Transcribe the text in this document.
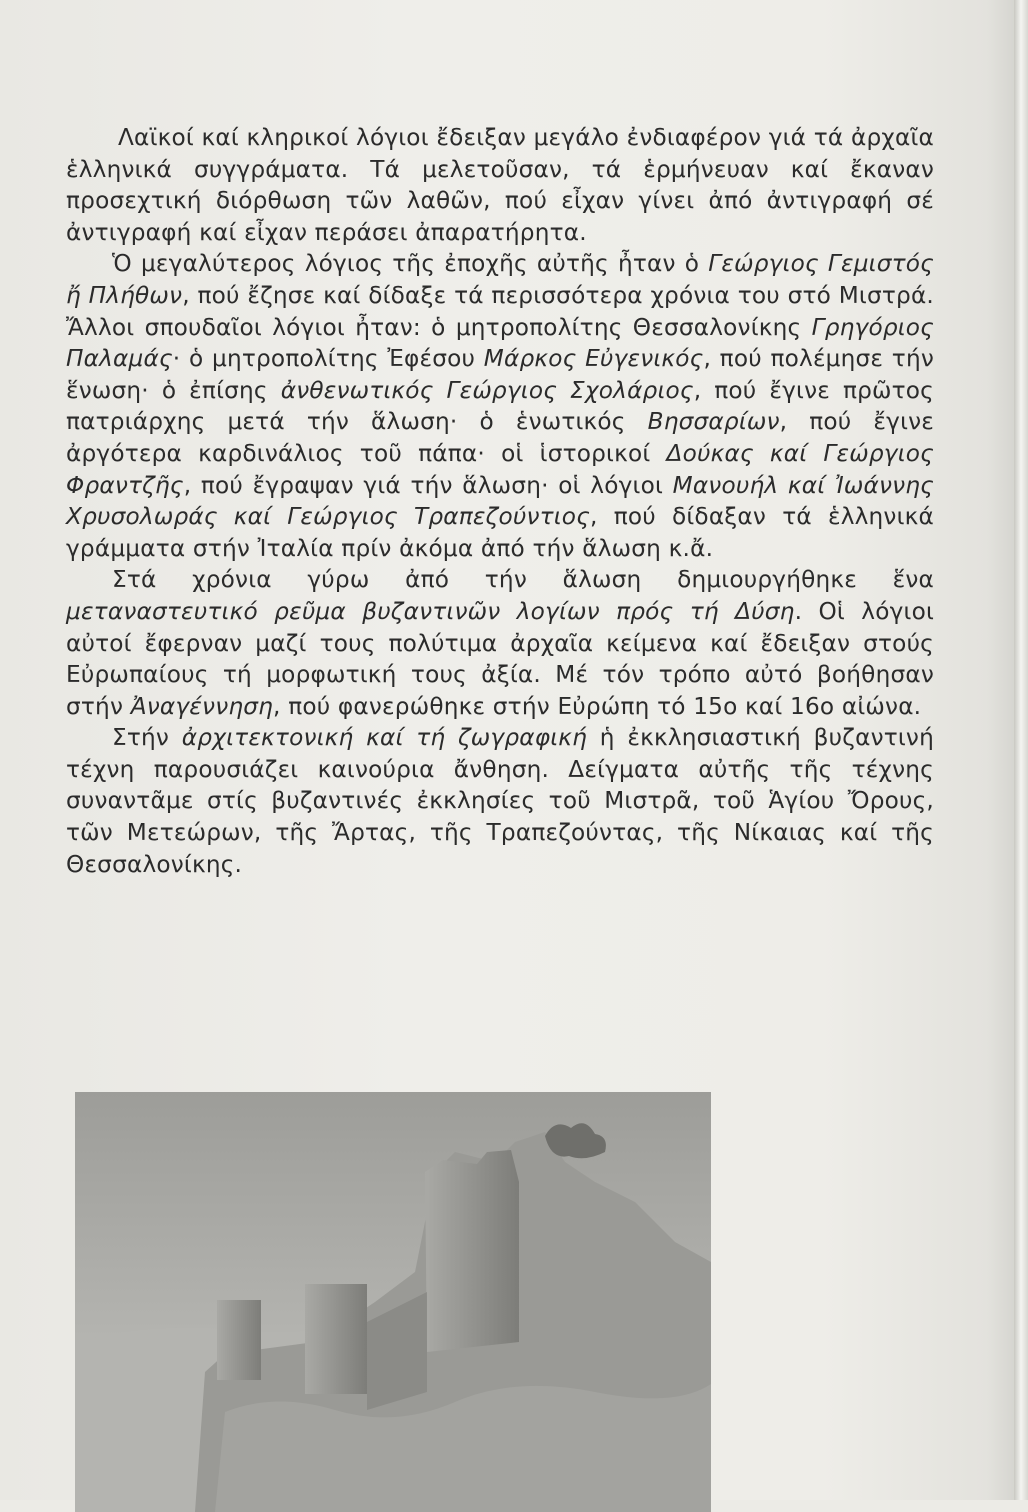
Λαϊκοί καί κληρικοί λόγιοι ἔδειξαν μεγάλο ἐνδιαφέρον γιά τά ἀρχαῖα ἑλληνικά συγγράματα. Τά μελετοῦσαν, τά ἑρμήνευαν καί ἔκαναν προσεχτική διόρθωση τῶν λαθῶν, πού εἶχαν γίνει ἀπό ἀντιγραφή σέ ἀντιγραφή καί εἶχαν περάσει ἀπαρατήρητα.

Ὁ μεγαλύτερος λόγιος τῆς ἐποχῆς αὐτῆς ἦταν ὁ Γεώργιος Γεμιστός ἤ Πλήθων, πού ἔζησε καί δίδαξε τά περισσότερα χρόνια του στό Μιστρά. Ἄλλοι σπουδαῖοι λόγιοι ἦταν: ὁ μητροπολίτης Θεσσαλονίκης Γρηγόριος Παλαμάς· ὁ μητροπολίτης Ἐφέσου Μάρκος Εὐγενικός, πού πολέμησε τήν ἕνωση· ὁ ἐπίσης ἀνθενωτικός Γεώργιος Σχολάριος, πού ἔγινε πρῶτος πατριάρχης μετά τήν ἅλωση· ὁ ἑνωτικός Βησσαρίων, πού ἔγινε ἀργότερα καρδινάλιος τοῦ πάπα· οἱ ἱστορικοί Δούκας καί Γεώργιος Φραντζῆς, πού ἔγραψαν γιά τήν ἅλωση· οἱ λόγιοι Μανουήλ καί Ἰωάννης Χρυσολωράς καί Γεώργιος Τραπεζούντιος, πού δίδαξαν τά ἑλληνικά γράμματα στήν Ἰταλία πρίν ἀκόμα ἀπό τήν ἅλωση κ.ἄ.

Στά χρόνια γύρω ἀπό τήν ἅλωση δημιουργήθηκε ἕνα μεταναστευτικό ρεῦμα βυζαντινῶν λογίων πρός τή Δύση. Οἱ λόγιοι αὐτοί ἔφερναν μαζί τους πολύτιμα ἀρχαῖα κείμενα καί ἔδειξαν στούς Εὐρωπαίους τή μορφωτική τους ἀξία. Μέ τόν τρόπο αὐτό βοήθησαν στήν Ἀναγέννηση, πού φανερώθηκε στήν Εὐρώπη τό 15ο καί 16ο αἰώνα.

Στήν ἀρχιτεκτονική καί τή ζωγραφική ἡ ἐκκλησιαστική βυζαντινή τέχνη παρουσιάζει καινούρια ἄνθηση. Δείγματα αὐτῆς τῆς τέχνης συναντᾶμε στίς βυζαντινές ἐκκλησίες τοῦ Μιστρᾶ, τοῦ Ἁγίου Ὄρους, τῶν Μετεώρων, τῆς Ἄρτας, τῆς Τραπεζούντας, τῆς Νίκαιας καί τῆς Θεσσαλονίκης.
